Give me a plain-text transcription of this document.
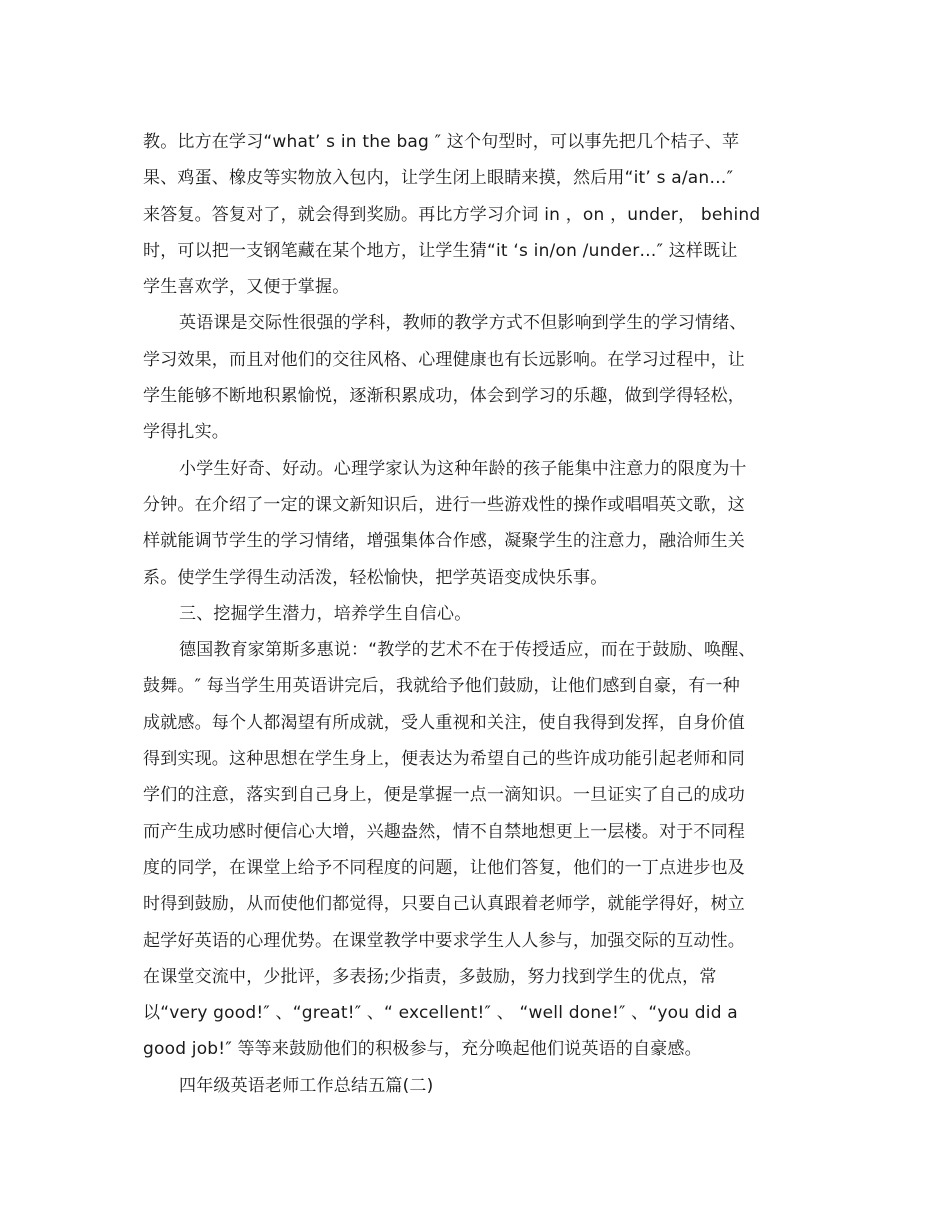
教。比方在学习“what’ s in the bag ″ 这个句型时，可以事先把几个桔子、苹
果、鸡蛋、橡皮等实物放入包内，让学生闭上眼睛来摸，然后用“it’ s a/an…″
来答复。答复对了，就会得到奖励。再比方学习介词 in ，on ，under， behind
时，可以把一支钢笔藏在某个地方，让学生猜“it ‘s in/on /under…″ 这样既让
学生喜欢学，又便于掌握。
英语课是交际性很强的学科，教师的教学方式不但影响到学生的学习情绪、
学习效果，而且对他们的交往风格、心理健康也有长远影响。在学习过程中，让
学生能够不断地积累愉悦，逐渐积累成功，体会到学习的乐趣，做到学得轻松，
学得扎实。
小学生好奇、好动。心理学家认为这种年龄的孩子能集中注意力的限度为十
分钟。在介绍了一定的课文新知识后，进行一些游戏性的操作或唱唱英文歌，这
样就能调节学生的学习情绪，增强集体合作感，凝聚学生的注意力，融洽师生关
系。使学生学得生动活泼，轻松愉快，把学英语变成快乐事。
三、挖掘学生潜力，培养学生自信心。
德国教育家第斯多惠说：“教学的艺术不在于传授适应，而在于鼓励、唤醒、
鼓舞。″ 每当学生用英语讲完后，我就给予他们鼓励，让他们感到自豪，有一种
成就感。每个人都渴望有所成就，受人重视和关注，使自我得到发挥，自身价值
得到实现。这种思想在学生身上，便表达为希望自己的些许成功能引起老师和同
学们的注意，落实到自己身上，便是掌握一点一滴知识。一旦证实了自己的成功
而产生成功感时便信心大增，兴趣盎然，情不自禁地想更上一层楼。对于不同程
度的同学，在课堂上给予不同程度的问题，让他们答复，他们的一丁点进步也及
时得到鼓励，从而使他们都觉得，只要自己认真跟着老师学，就能学得好，树立
起学好英语的心理优势。在课堂教学中要求学生人人参与，加强交际的互动性。
在课堂交流中，少批评，多表扬;少指责，多鼓励，努力找到学生的优点，常
以“very good!″ 、“great!″ 、“ excellent!″ 、 “well done!″ 、“you did a
good job!″ 等等来鼓励他们的积极参与，充分唤起他们说英语的自豪感。
四年级英语老师工作总结五篇(二)
